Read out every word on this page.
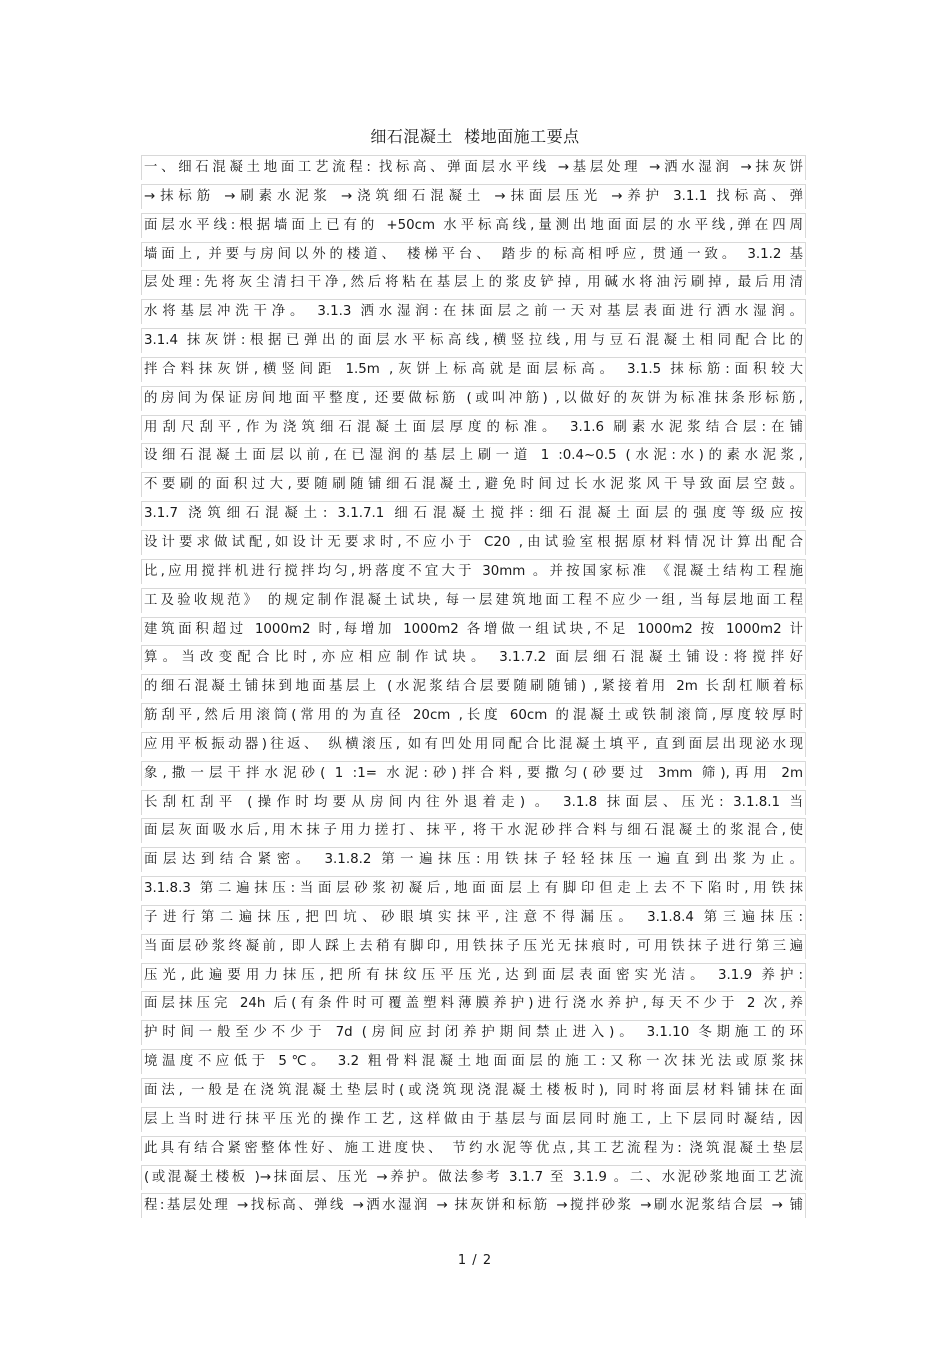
细石混凝土  楼地面施工要点
一、细石混凝土地面工艺流程: 找标高、弹面层水平线 →基层处理 →洒水湿润 →抹灰饼
→抹标筋 →刷素水泥浆 →浇筑细石混凝土 →抹面层压光 →养护 3.1.1 找标高、弹
面层水平线:根据墙面上已有的 +50cm 水平标高线,量测出地面面层的水平线,弹在四周
墙面上, 并要与房间以外的楼道、 楼梯平台、 踏步的标高相呼应, 贯通一致。 3.1.2 基
层处理:先将灰尘清扫干净,然后将粘在基层上的浆皮铲掉, 用碱水将油污刷掉, 最后用清
水将基层冲洗干净。 3.1.3 洒水湿润:在抹面层之前一天对基层表面进行洒水湿润。
3.1.4 抹灰饼:根据已弹出的面层水平标高线,横竖拉线,用与豆石混凝土相同配合比的
拌合料抹灰饼,横竖间距 1.5m ,灰饼上标高就是面层标高。 3.1.5 抹标筋:面积较大
的房间为保证房间地面平整度, 还要做标筋 (或叫冲筋) ,以做好的灰饼为标准抹条形标筋,
用刮尺刮平,作为浇筑细石混凝土面层厚度的标准。 3.1.6 刷素水泥浆结合层:在铺
设细石混凝土面层以前,在已湿润的基层上刷一道 1 :0.4~0.5 (水泥:水)的素水泥浆,
不要刷的面积过大,要随刷随铺细石混凝土,避免时间过长水泥浆风干导致面层空鼓。
3.1.7 浇筑细石混凝土: 3.1.7.1 细石混凝土搅拌:细石混凝土面层的强度等级应按
设计要求做试配,如设计无要求时,不应小于 C20 ,由试验室根据原材料情况计算出配合
比,应用搅拌机进行搅拌均匀,坍落度不宜大于 30mm 。并按国家标准 《混凝土结构工程施
工及验收规范》 的规定制作混凝土试块, 每一层建筑地面工程不应少一组, 当每层地面工程
建筑面积超过 1000m2 时,每增加 1000m2 各增做一组试块,不足 1000m2 按 1000m2 计
算。当改变配合比时,亦应相应制作试块。 3.1.7.2 面层细石混凝土铺设:将搅拌好
的细石混凝土铺抹到地面基层上 (水泥浆结合层要随刷随铺) ,紧接着用 2m 长刮杠顺着标
筋刮平,然后用滚筒(常用的为直径 20cm ,长度 60cm 的混凝土或铁制滚筒,厚度较厚时
应用平板振动器)往返、 纵横滚压, 如有凹处用同配合比混凝土填平, 直到面层出现泌水现
象,撒一层干拌水泥砂( 1 :1= 水泥:砂)拌合料,要撒匀(砂要过 3mm 筛),再用 2m
长刮杠刮平 (操作时均要从房间内往外退着走) 。 3.1.8 抹面层、压光: 3.1.8.1 当
面层灰面吸水后,用木抹子用力搓打、抹平, 将干水泥砂拌合料与细石混凝土的浆混合,使
面层达到结合紧密。 3.1.8.2 第一遍抹压:用铁抹子轻轻抹压一遍直到出浆为止。
3.1.8.3 第二遍抹压:当面层砂浆初凝后,地面面层上有脚印但走上去不下陷时,用铁抹
子进行第二遍抹压,把凹坑、砂眼填实抹平,注意不得漏压。 3.1.8.4 第三遍抹压:
当面层砂浆终凝前, 即人踩上去稍有脚印, 用铁抹子压光无抹痕时, 可用铁抹子进行第三遍
压光,此遍要用力抹压,把所有抹纹压平压光,达到面层表面密实光洁。 3.1.9 养护:
面层抹压完 24h 后(有条件时可覆盖塑料薄膜养护)进行浇水养护,每天不少于 2 次,养
护时间一般至少不少于 7d (房间应封闭养护期间禁止进入)。 3.1.10 冬期施工的环
境温度不应低于 5℃。 3.2 粗骨料混凝土地面面层的施工:又称一次抹光法或原浆抹
面法, 一般是在浇筑混凝土垫层时(或浇筑现浇混凝土楼板时), 同时将面层材料铺抹在面
层上当时进行抹平压光的操作工艺, 这样做由于基层与面层同时施工, 上下层同时凝结, 因
此具有结合紧密整体性好、施工进度快、 节约水泥等优点,其工艺流程为: 浇筑混凝土垫层
(或混凝土楼板 )→抹面层、压光 →养护。做法参考 3.1.7 至 3.1.9 。二、水泥砂浆地面工艺流
程:基层处理 →找标高、弹线 →洒水湿润 → 抹灰饼和标筋 →搅拌砂浆 →刷水泥浆结合层 → 铺
1 / 2
